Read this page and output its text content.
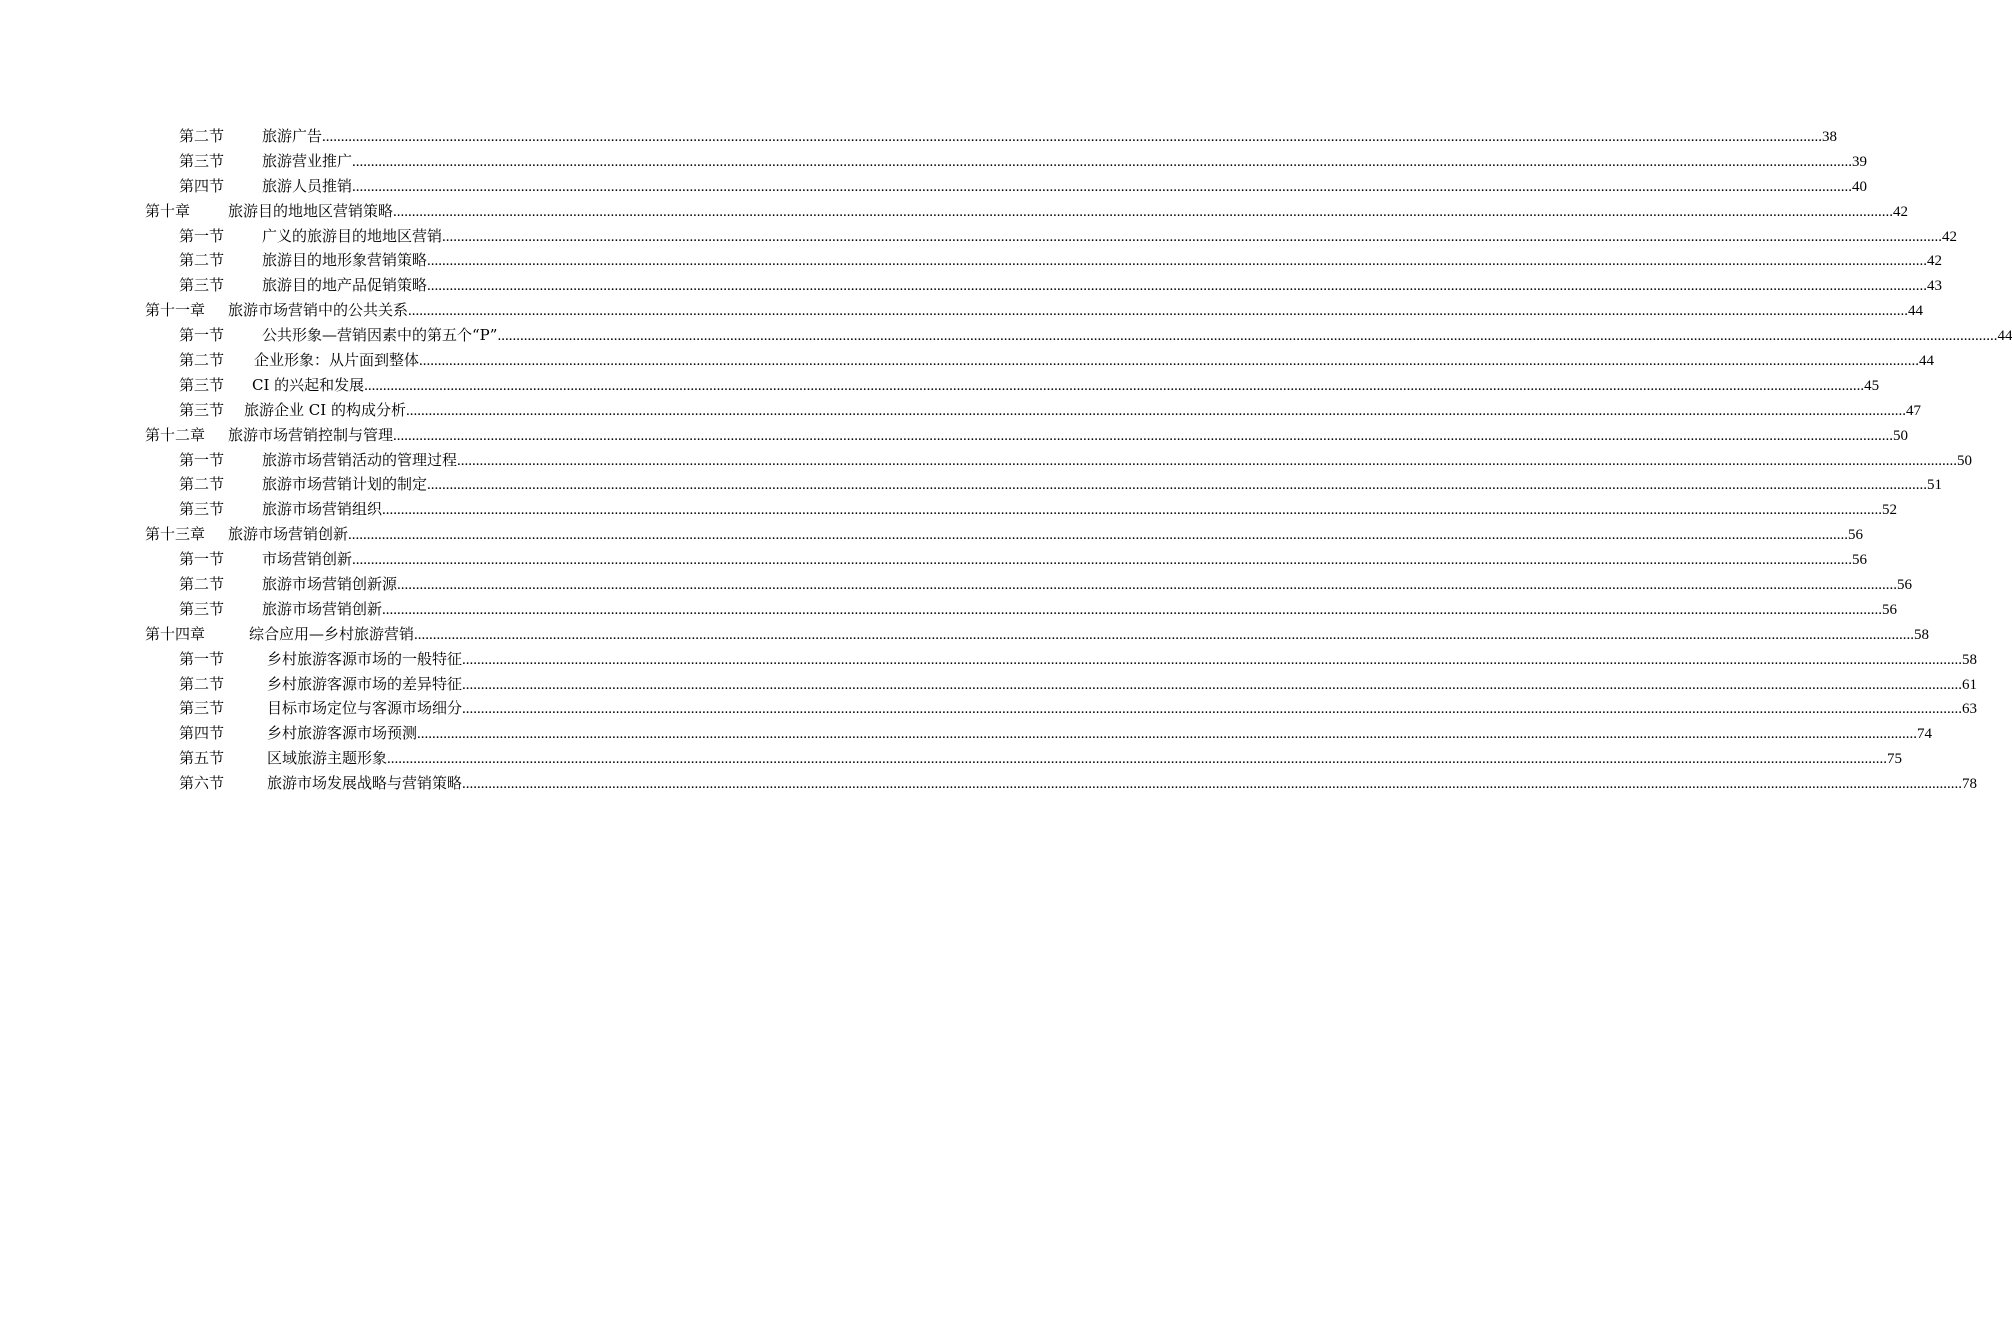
第二节	旅游广告 ................................................................................................................................................................................................................................................................................................................................................................................................................ 38
第三节	旅游营业推广 ................................................................................................................................................................................................................................................................................................................................................................................................................ 39
第四节	旅游人员推销 ................................................................................................................................................................................................................................................................................................................................................................................................................ 40
第十章	旅游目的地地区营销策略 ................................................................................................................................................................................................................................................................................................................................................................................................................ 42
第一节	广义的旅游目的地地区营销 ................................................................................................................................................................................................................................................................................................................................................................................................................ 42
第二节	旅游目的地形象营销策略 ................................................................................................................................................................................................................................................................................................................................................................................................................ 42
第三节	旅游目的地产品促销策略 ................................................................................................................................................................................................................................................................................................................................................................................................................ 43
第十一章 旅游市场营销中的公共关系 ................................................................................................................................................................................................................................................................................................................................................................................................................ 44
第一节	公共形象—营销因素中的第五个“P” ................................................................................................................................................................................................................................................................................................................................................................................................................ 44
第二节 企业形象：从片面到整体 ................................................................................................................................................................................................................................................................................................................................................................................................................ 44
第三节 CI 的兴起和发展 ................................................................................................................................................................................................................................................................................................................................................................................................................ 45
第三节 旅游企业 CI 的构成分析 ................................................................................................................................................................................................................................................................................................................................................................................................................ 47
第十二章 旅游市场营销控制与管理 ................................................................................................................................................................................................................................................................................................................................................................................................................ 50
第一节	旅游市场营销活动的管理过程 ................................................................................................................................................................................................................................................................................................................................................................................................................ 50
第二节	旅游市场营销计划的制定 ................................................................................................................................................................................................................................................................................................................................................................................................................ 51
第三节	旅游市场营销组织 ................................................................................................................................................................................................................................................................................................................................................................................................................ 52
第十三章 旅游市场营销创新 ................................................................................................................................................................................................................................................................................................................................................................................................................ 56
第一节	市场营销创新 ................................................................................................................................................................................................................................................................................................................................................................................................................ 56
第二节	旅游市场营销创新源 ................................................................................................................................................................................................................................................................................................................................................................................................................ 56
第三节	旅游市场营销创新 ................................................................................................................................................................................................................................................................................................................................................................................................................ 56
第十四章	综合应用—乡村旅游营销 ................................................................................................................................................................................................................................................................................................................................................................................................................ 58
第一节	乡村旅游客源市场的一般特征 ................................................................................................................................................................................................................................................................................................................................................................................................................ 58
第二节	乡村旅游客源市场的差异特征 ................................................................................................................................................................................................................................................................................................................................................................................................................ 61
第三节	目标市场定位与客源市场细分 ................................................................................................................................................................................................................................................................................................................................................................................................................ 63
第四节	乡村旅游客源市场预测 ................................................................................................................................................................................................................................................................................................................................................................................................................ 74
第五节	区域旅游主题形象 ................................................................................................................................................................................................................................................................................................................................................................................................................ 75
第六节	旅游市场发展战略与营销策略 ................................................................................................................................................................................................................................................................................................................................................................................................................ 78
